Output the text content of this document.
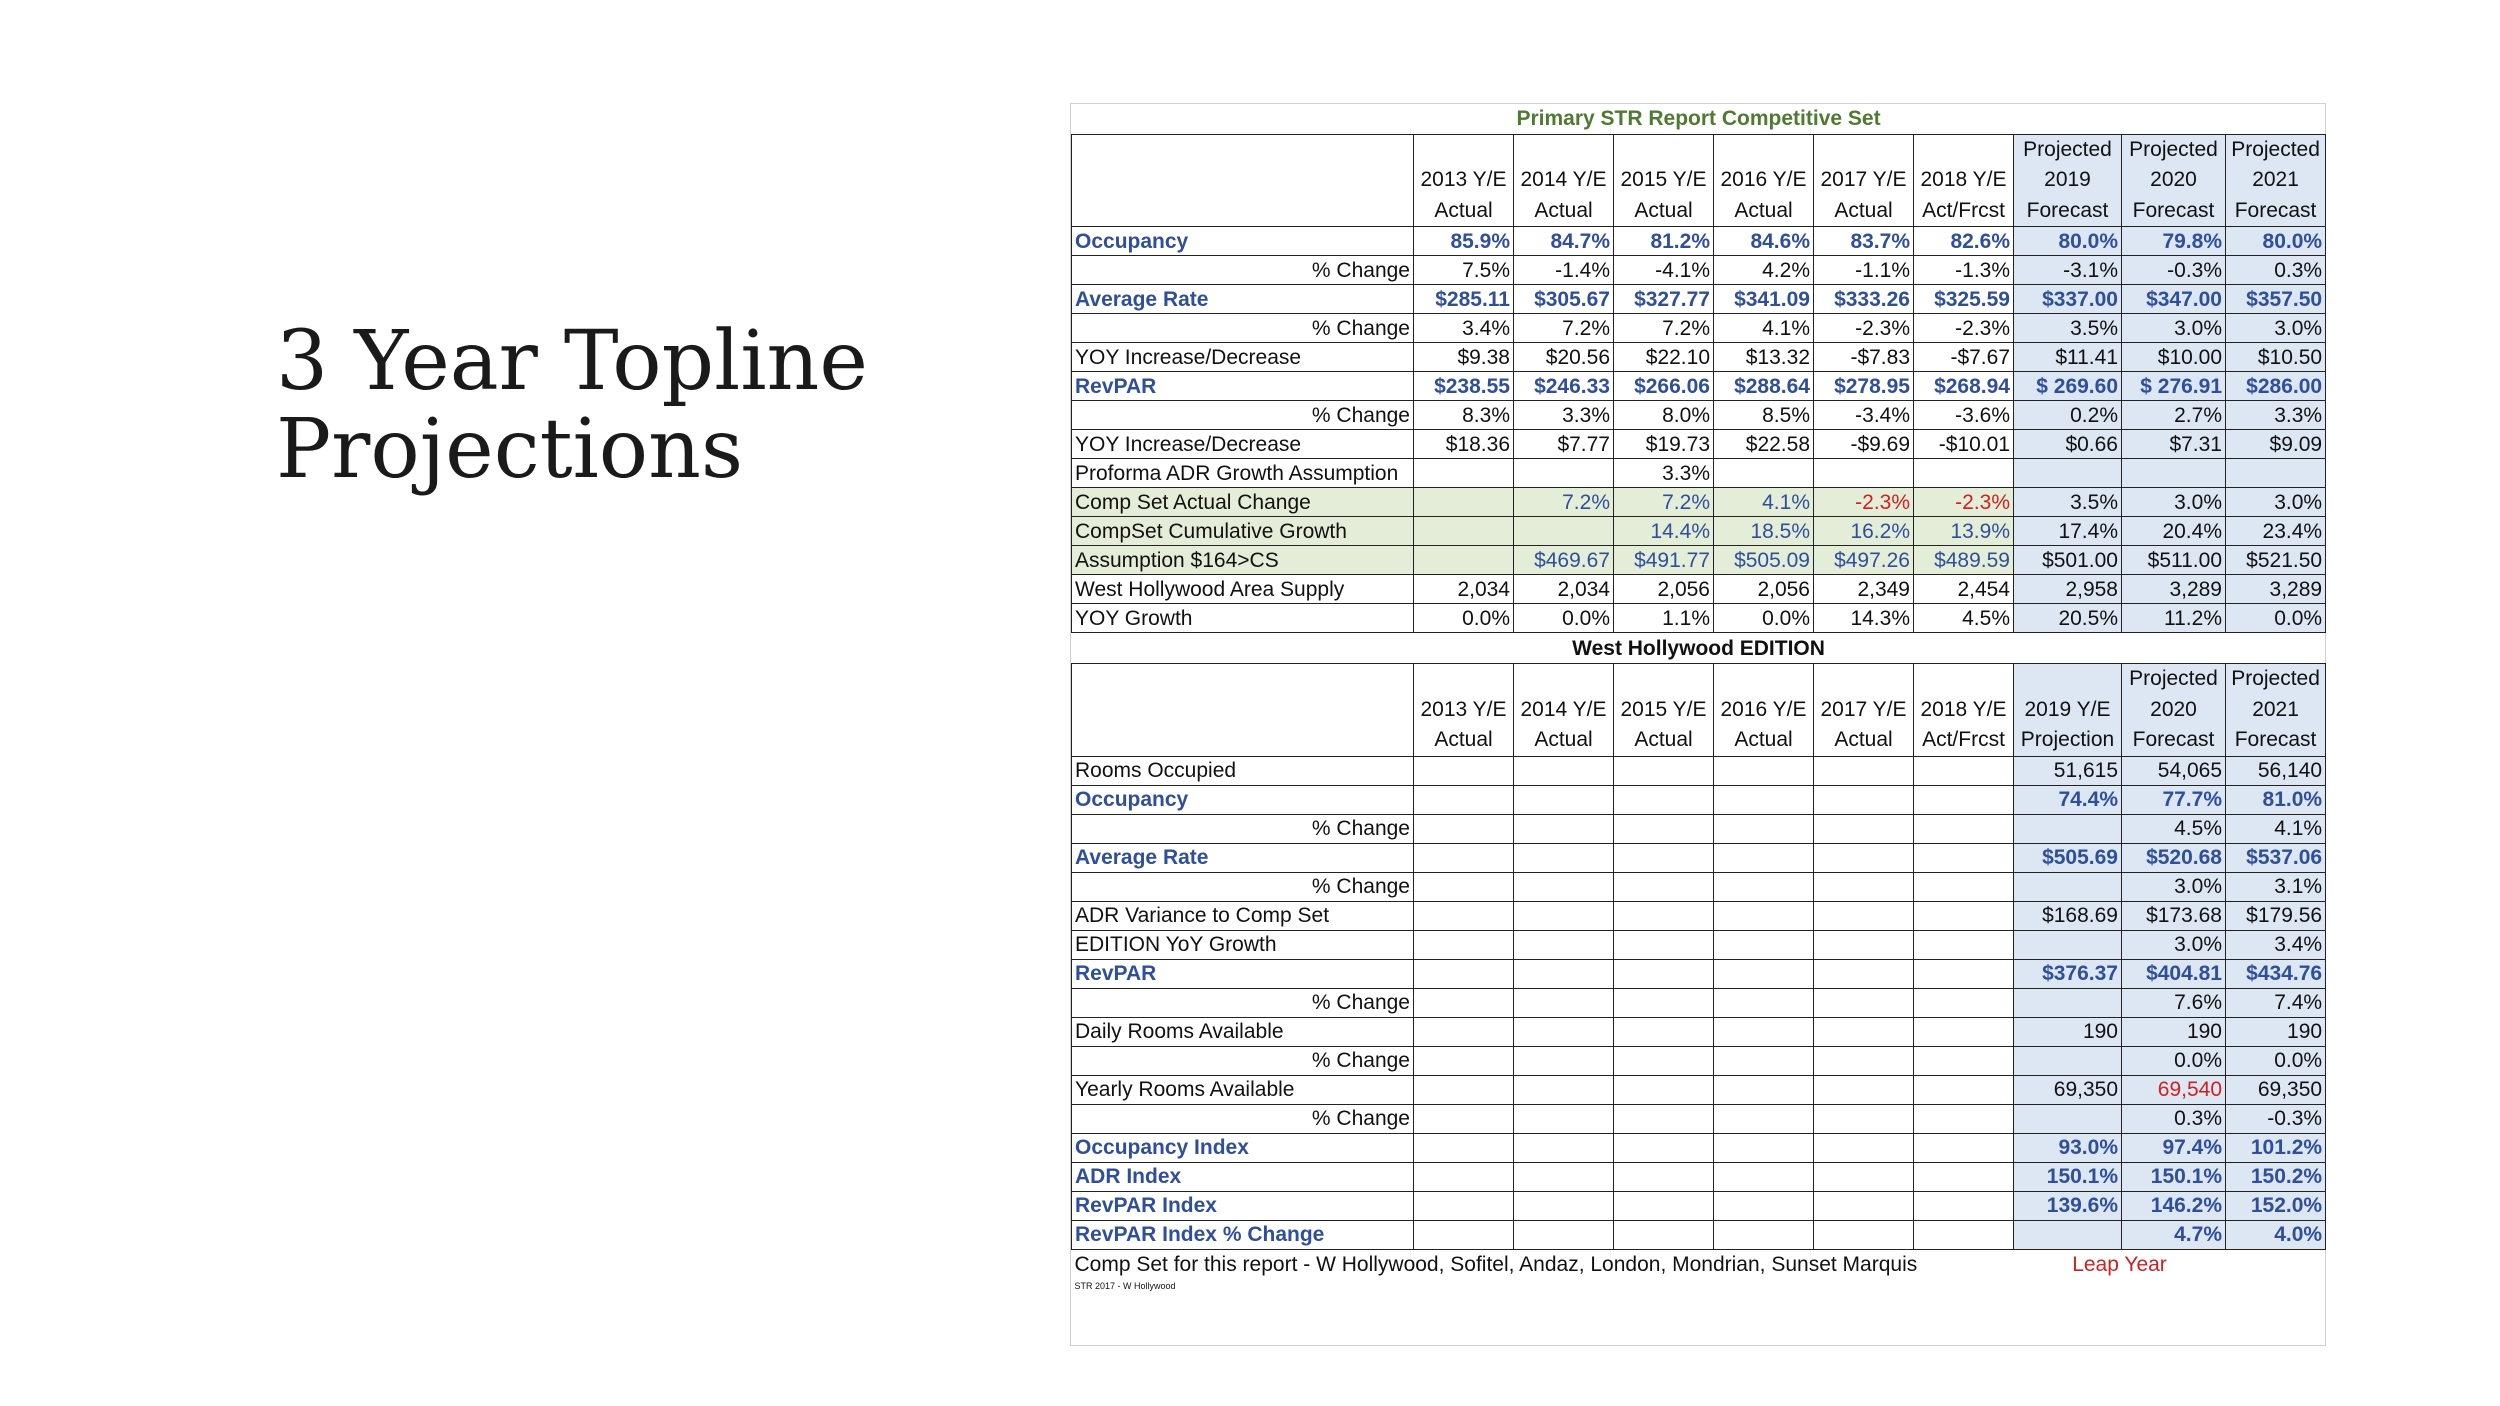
3 Year Topline
Projections
Primary STR Report Competitive Set									
	2013 Y/E
Actual	2014 Y/E
Actual	2015 Y/E
Actual	2016 Y/E
Actual	2017 Y/E
Actual	2018 Y/E
Act/Frcst	Projected
2019
Forecast	Projected
2020
Forecast	Projected
2021
Forecast
Occupancy	85.9%	84.7%	81.2%	84.6%	83.7%	82.6%	80.0%	79.8%	80.0%
% Change	7.5%	-1.4%	-4.1%	4.2%	-1.1%	-1.3%	-3.1%	-0.3%	0.3%
Average Rate	$285.11	$305.67	$327.77	$341.09	$333.26	$325.59	$337.00	$347.00	$357.50
% Change	3.4%	7.2%	7.2%	4.1%	-2.3%	-2.3%	3.5%	3.0%	3.0%
YOY Increase/Decrease	$9.38	$20.56	$22.10	$13.32	-$7.83	-$7.67	$11.41	$10.00	$10.50
RevPAR	$238.55	$246.33	$266.06	$288.64	$278.95	$268.94	$ 269.60	$ 276.91	$286.00
% Change	8.3%	3.3%	8.0%	8.5%	-3.4%	-3.6%	0.2%	2.7%	3.3%
YOY Increase/Decrease	$18.36	$7.77	$19.73	$22.58	-$9.69	-$10.01	$0.66	$7.31	$9.09
Proforma ADR Growth Assumption			3.3%						
Comp Set Actual Change		7.2%	7.2%	4.1%	-2.3%	-2.3%	3.5%	3.0%	3.0%
CompSet Cumulative Growth			14.4%	18.5%	16.2%	13.9%	17.4%	20.4%	23.4%
Assumption $164>CS		$469.67	$491.77	$505.09	$497.26	$489.59	$501.00	$511.00	$521.50
West Hollywood Area Supply	2,034	2,034	2,056	2,056	2,349	2,454	2,958	3,289	3,289
YOY Growth	0.0%	0.0%	1.1%	0.0%	14.3%	4.5%	20.5%	11.2%	0.0%
West Hollywood EDITION									
	2013 Y/E
Actual	2014 Y/E
Actual	2015 Y/E
Actual	2016 Y/E
Actual	2017 Y/E
Actual	2018 Y/E
Act/Frcst	2019 Y/E
Projection	Projected
2020
Forecast	Projected
2021
Forecast
Rooms Occupied							51,615	54,065	56,140
Occupancy							74.4%	77.7%	81.0%
% Change								4.5%	4.1%
Average Rate							$505.69	$520.68	$537.06
% Change								3.0%	3.1%
ADR Variance to Comp Set							$168.69	$173.68	$179.56
EDITION YoY Growth								3.0%	3.4%
RevPAR							$376.37	$404.81	$434.76
% Change								7.6%	7.4%
Daily Rooms Available							190	190	190
% Change								0.0%	0.0%
Yearly Rooms Available							69,350	69,540	69,350
% Change								0.3%	-0.3%
Occupancy Index							93.0%	97.4%	101.2%
ADR Index							150.1%	150.1%	150.2%
RevPAR Index							139.6%	146.2%	152.0%
RevPAR Index % Change								4.7%	4.0%
Comp Set for this report - W Hollywood, Sofitel, Andaz, London, Mondrian, Sunset Marquis							Leap Year		
STR 2017 - W Hollywood									
